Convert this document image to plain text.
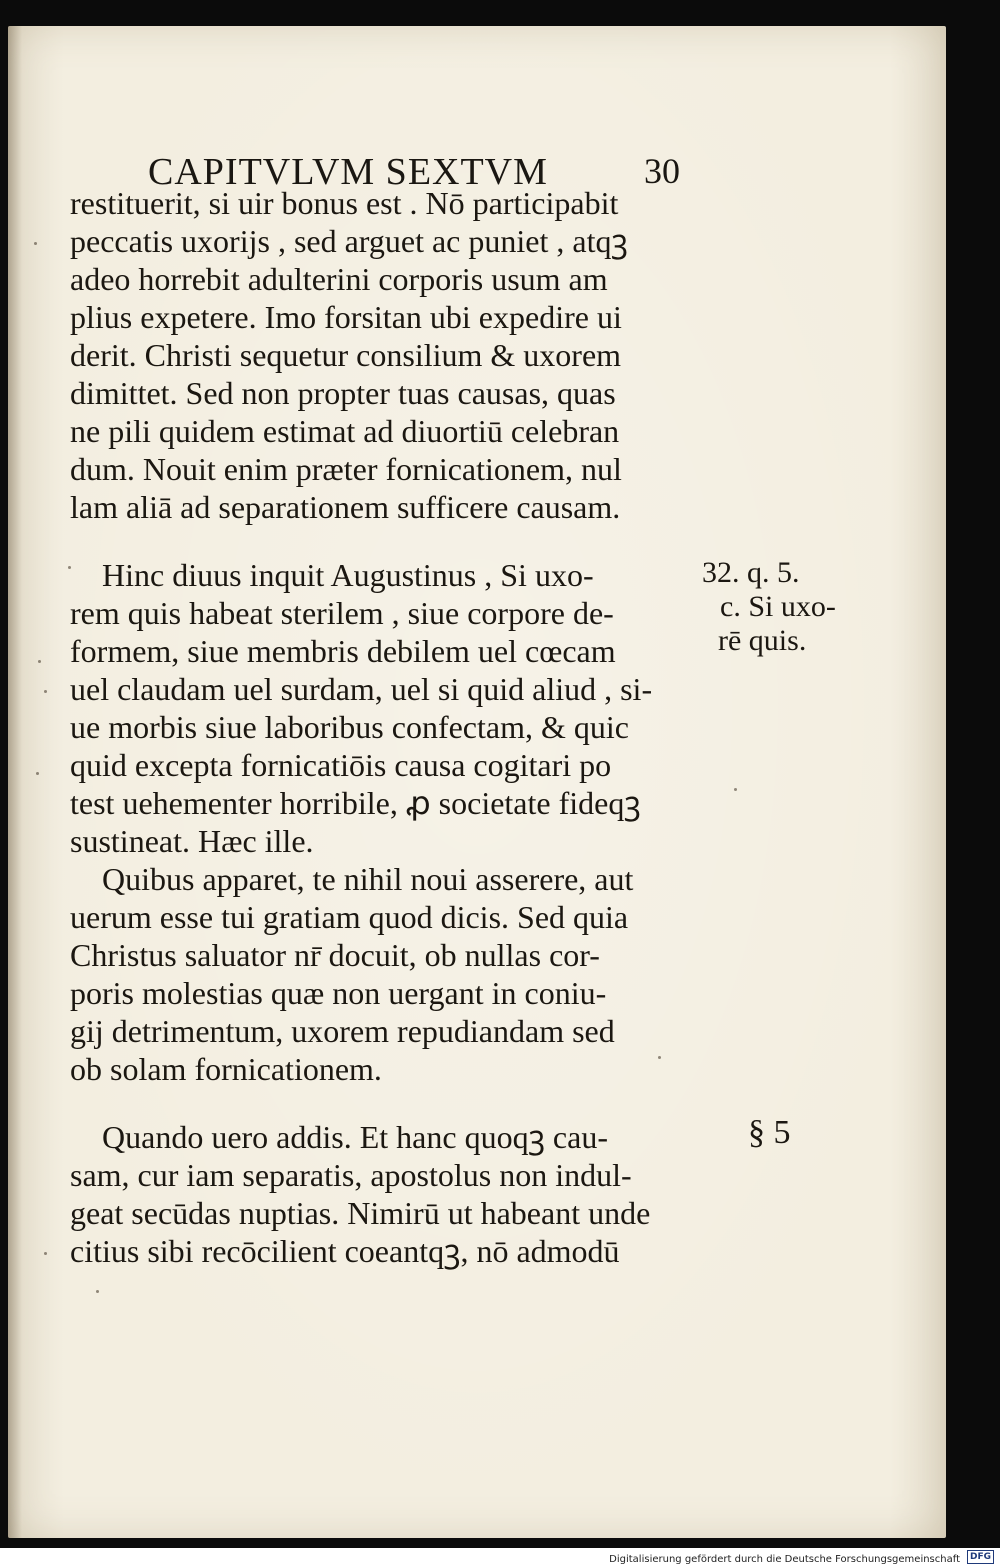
CAPITVLVM SEXTVM	30
restituerit, si uir bonus est . Nō participabit
peccatis uxorijs , sed arguet ac puniet , atqꝫ
adeo horrebit adulterini corporis usum am
plius expetere. Imo forsitan ubi expedire ui
derit. Christi sequetur consilium & uxorem
dimittet. Sed non propter tuas causas, quas
ne pili quidem estimat ad diuortiū celebran
dum. Nouit enim prӕter fornicationem, nul
lam aliā ad separationem sufficere causam.
Hinc diuus inquit Augustinus , Si uxo-
rem quis habeat sterilem , siue corpore de-
formem, siue membris debilem uel cœcam
uel claudam uel surdam, uel si quid aliud , si-
ue morbis siue laboribus confectam, & quic
quid excepta fornicatiōis causa cogitari po
test uehementer horribile, ꝓ societate fideqꝫ
sustineat. Hæc ille.
Quibus apparet, te nihil noui asserere, aut
uerum esse tui gratiam quod dicis. Sed quia
Christus saluator nr̄ docuit, ob nullas cor-
poris molestias quæ non uergant in coniu-
gij detrimentum, uxorem repudiandam sed
ob solam fornicationem.
Quando uero addis. Et hanc quoqꝫ cau-
sam, cur iam separatis, apostolus non indul-
geat secūdas nuptias. Nimirū ut habeant unde
citius sibi recōcilient coeantqꝫ, nō admodū
32. q. 5.
c. Si uxo-
rē quis.
§ 5
Digitalisierung gefördert durch die Deutsche Forschungsgemeinschaft	DFG
